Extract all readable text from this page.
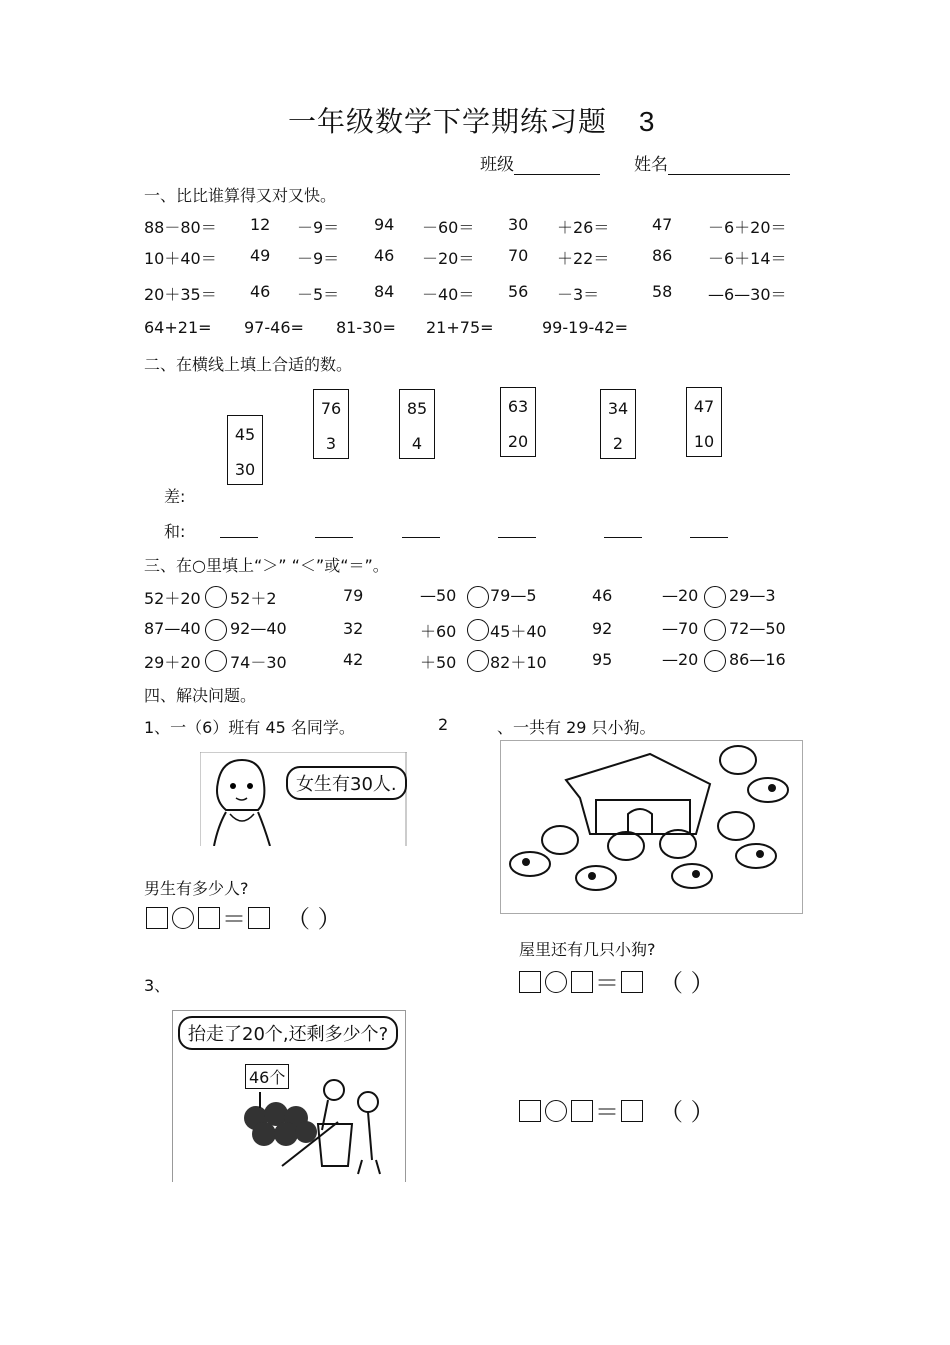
一年级数学下学期练习题 3
班级	姓名
一、比比谁算得又对又快。
88－80＝ 12 －9＝ 94 －60＝ 30 ＋26＝	47 －6＋20＝
10＋40＝ 49 －9＝ 46 －20＝ 70 ＋22＝	86 －6＋14＝
20＋35＝ 46 －5＝ 84 －40＝ 56 －3＝	58 —6—30＝
64+21= 97-46= 81-30= 21+75=	99-19-42=
二、在横线上填上合适的数。
45
30
76
3
85
4
63
20
34
2
47
10
差:
和:
三、在○里填上“＞” “＜”或“＝”。
52＋20 52＋2	79	—50 79—5	46	—20 29—3
87—40 92—40	32	＋60 45＋40	92	—70 72—50
29＋20 74－30	42	＋50 82＋10	95	—20 86—16
四、解决问题。
1、一（6）班有 45 名同学。	2	、一共有 29 只小狗。
女生有30人.
男生有多少人?
＝ （ ）
屋里还有几只小狗?
＝ （ ）
3、
抬走了20个,还剩多少个?
46个
＝ （ ）
